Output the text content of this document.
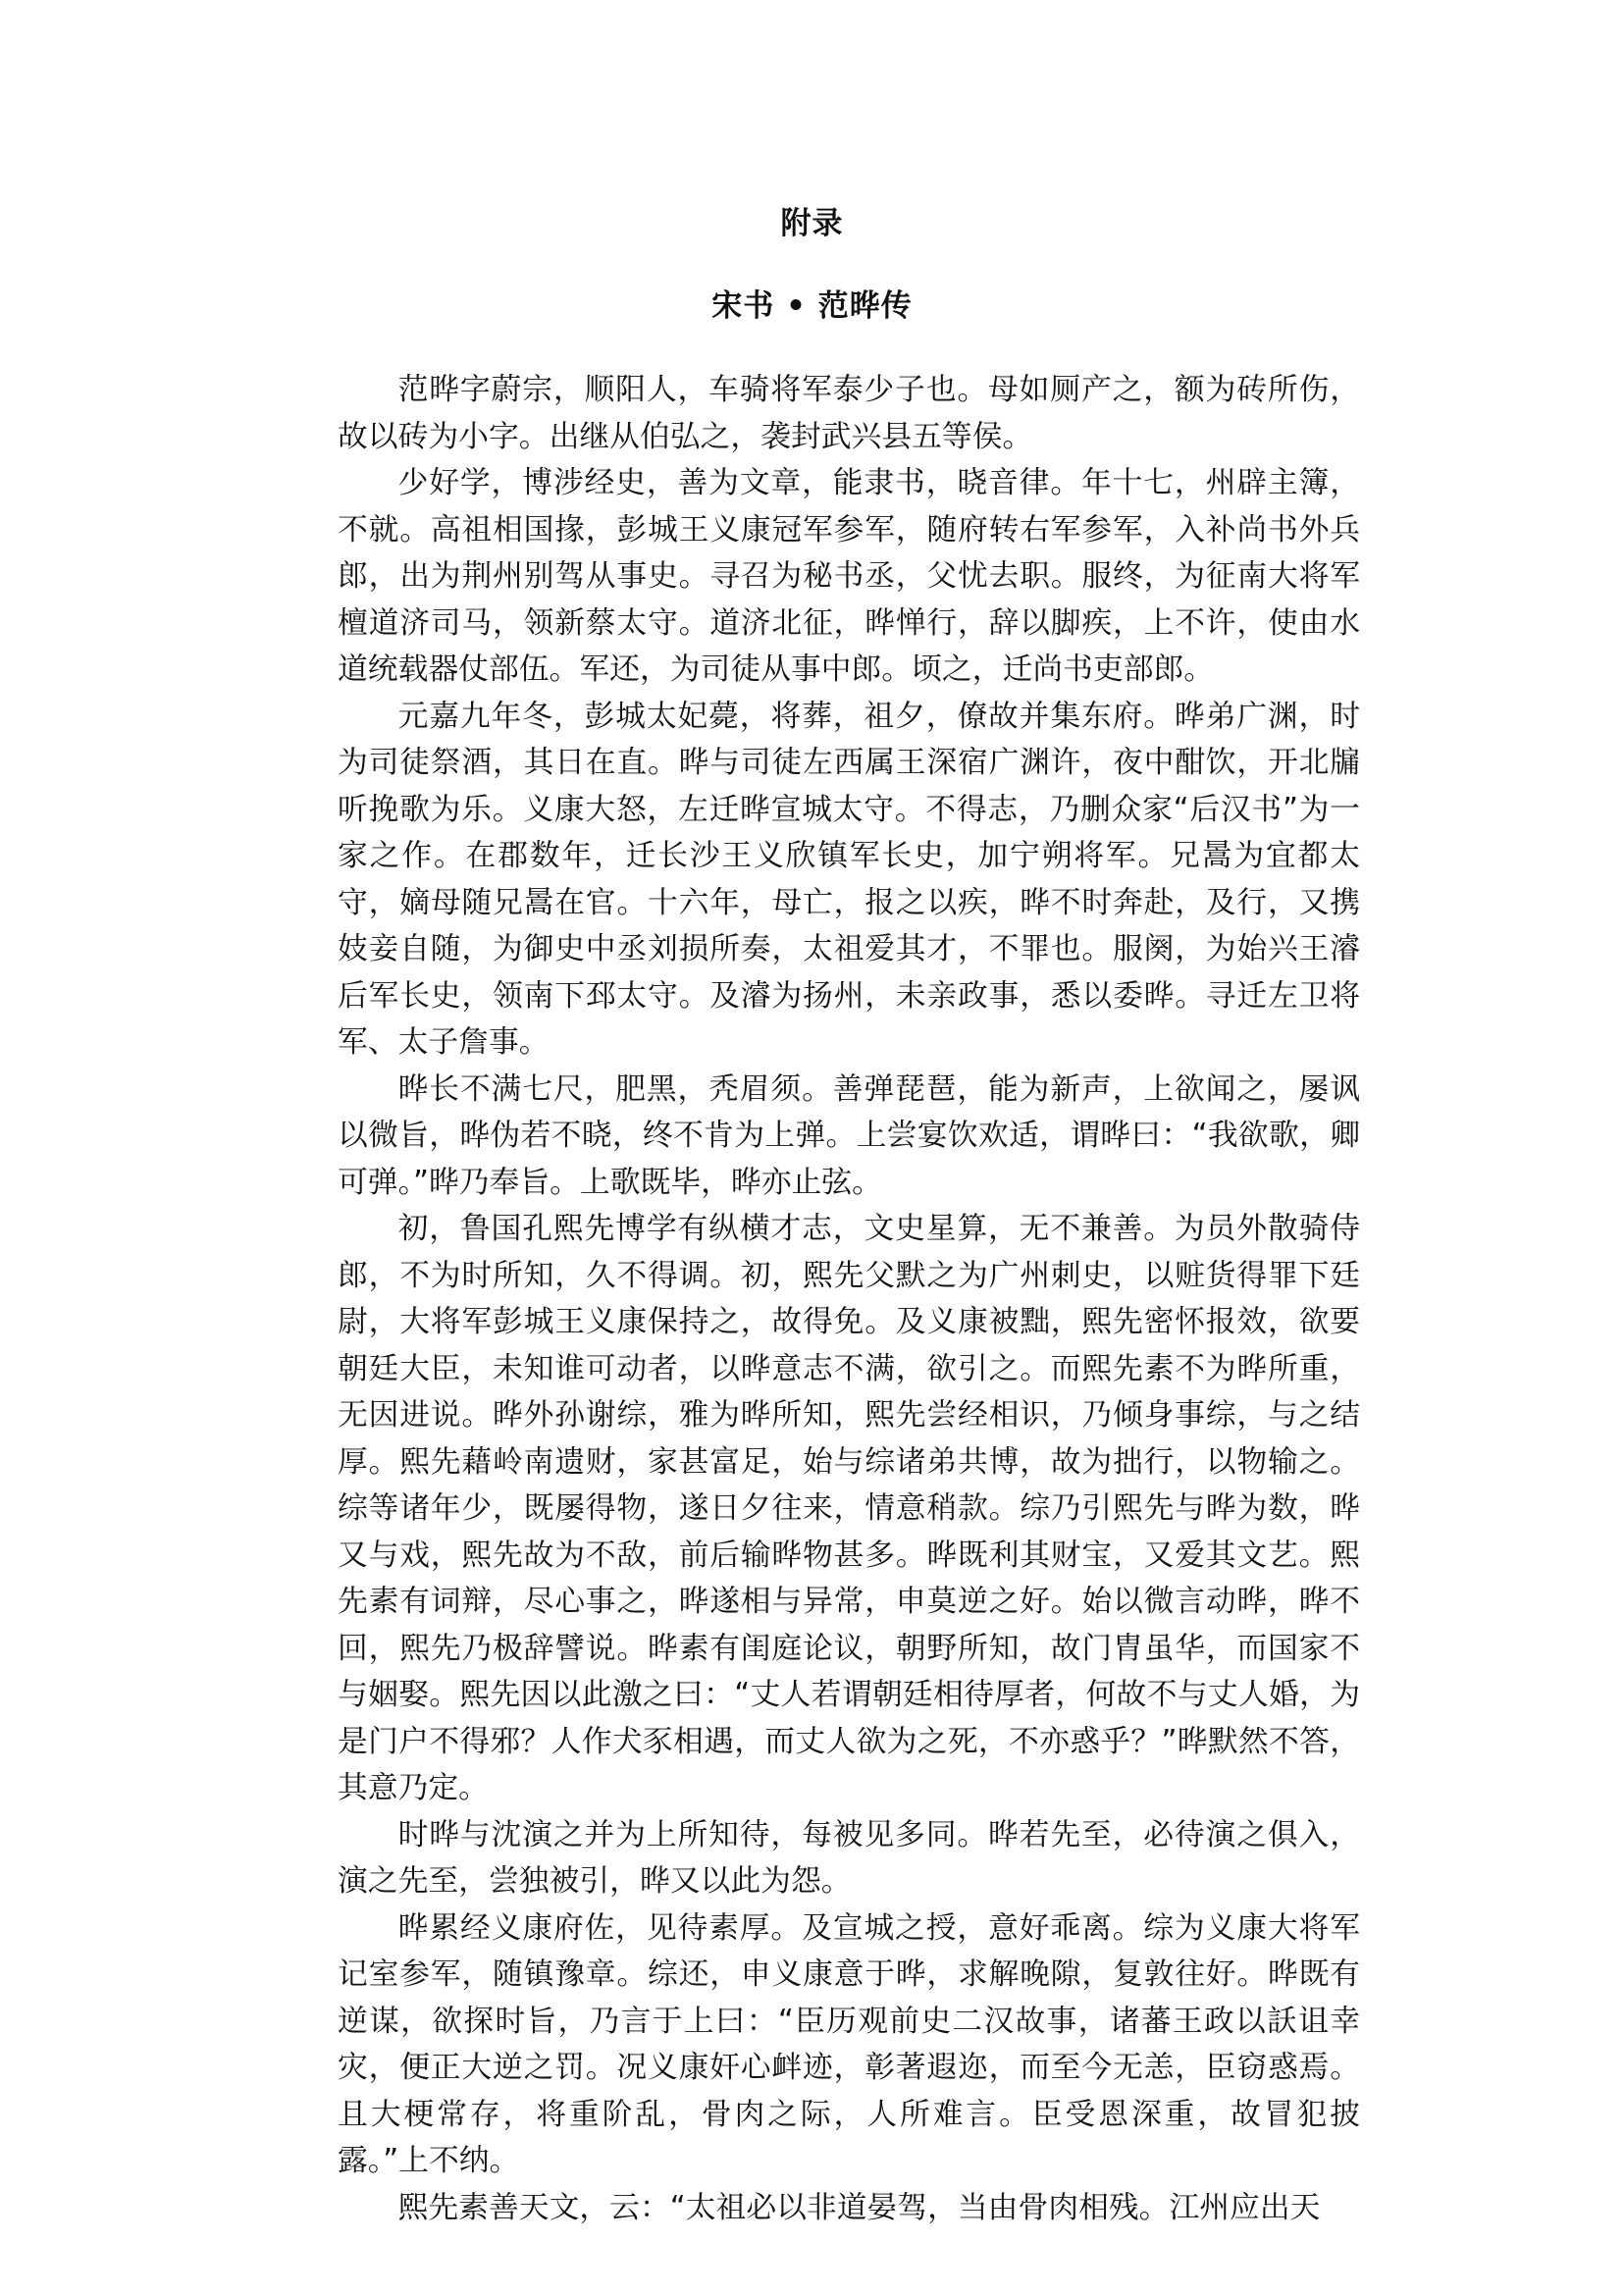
附录
宋书 • 范晔传

范晔字蔚宗，顺阳人，车骑将军泰少子也。母如厕产之，额为砖所伤，故以砖为小字。出继从伯弘之，袭封武兴县五等侯。

少好学，博涉经史，善为文章，能隶书，晓音律。年十七，州辟主簿，不就。高祖相国掾，彭城王义康冠军参军，随府转右军参军，入补尚书外兵郎，出为荆州别驾从事史。寻召为秘书丞，父忧去职。服终，为征南大将军檀道济司马，领新蔡太守。道济北征，晔惮行，辞以脚疾，上不许，使由水道统载器仗部伍。军还，为司徒从事中郎。顷之，迁尚书吏部郎。

元嘉九年冬，彭城太妃薨，将葬，祖夕，僚故并集东府。晔弟广渊，时为司徒祭酒，其日在直。晔与司徒左西属王深宿广渊许，夜中酣饮，开北牖听挽歌为乐。义康大怒，左迁晔宣城太守。不得志，乃删众家“后汉书”为一家之作。在郡数年，迁长沙王义欣镇军长史，加宁朔将军。兄暠为宜都太守，嫡母随兄暠在官。十六年，母亡，报之以疾，晔不时奔赴，及行，又携妓妾自随，为御史中丞刘损所奏，太祖爱其才，不罪也。服阕，为始兴王濬后军长史，领南下邳太守。及濬为扬州，未亲政事，悉以委晔。寻迁左卫将军、太子詹事。

晔长不满七尺，肥黑，秃眉须。善弹琵琶，能为新声，上欲闻之，屡讽以微旨，晔伪若不晓，终不肯为上弹。上尝宴饮欢适，谓晔曰：“我欲歌，卿可弹。”晔乃奉旨。上歌既毕，晔亦止弦。

初，鲁国孔熙先博学有纵横才志，文史星算，无不兼善。为员外散骑侍郎，不为时所知，久不得调。初，熙先父默之为广州刺史，以赃货得罪下廷尉，大将军彭城王义康保持之，故得免。及义康被黜，熙先密怀报效，欲要朝廷大臣，未知谁可动者，以晔意志不满，欲引之。而熙先素不为晔所重，无因进说。晔外孙谢综，雅为晔所知，熙先尝经相识，乃倾身事综，与之结厚。熙先藉岭南遗财，家甚富足，始与综诸弟共博，故为拙行，以物输之。综等诸年少，既屡得物，遂日夕往来，情意稍款。综乃引熙先与晔为数，晔又与戏，熙先故为不敌，前后输晔物甚多。晔既利其财宝，又爱其文艺。熙先素有词辩，尽心事之，晔遂相与异常，申莫逆之好。始以微言动晔，晔不回，熙先乃极辞譬说。晔素有闺庭论议，朝野所知，故门胄虽华，而国家不与姻娶。熙先因以此激之曰：“丈人若谓朝廷相待厚者，何故不与丈人婚，为是门户不得邪？人作犬豕相遇，而丈人欲为之死，不亦惑乎？”晔默然不答，其意乃定。

时晔与沈演之并为上所知待，每被见多同。晔若先至，必待演之俱入，演之先至，尝独被引，晔又以此为怨。

晔累经义康府佐，见待素厚。及宣城之授，意好乖离。综为义康大将军记室参军，随镇豫章。综还，申义康意于晔，求解晚隙，复敦往好。晔既有逆谋，欲探时旨，乃言于上曰：“臣历观前史二汉故事，诸蕃王政以訞诅幸灾，便正大逆之罚。况义康奸心衅迹，彰著遐迩，而至今无恙，臣窃惑焉。且大梗常存，将重阶乱，骨肉之际，人所难言。臣受恩深重，故冒犯披露。”上不纳。

熙先素善天文，云：“太祖必以非道晏驾，当由骨肉相残。江州应出天
